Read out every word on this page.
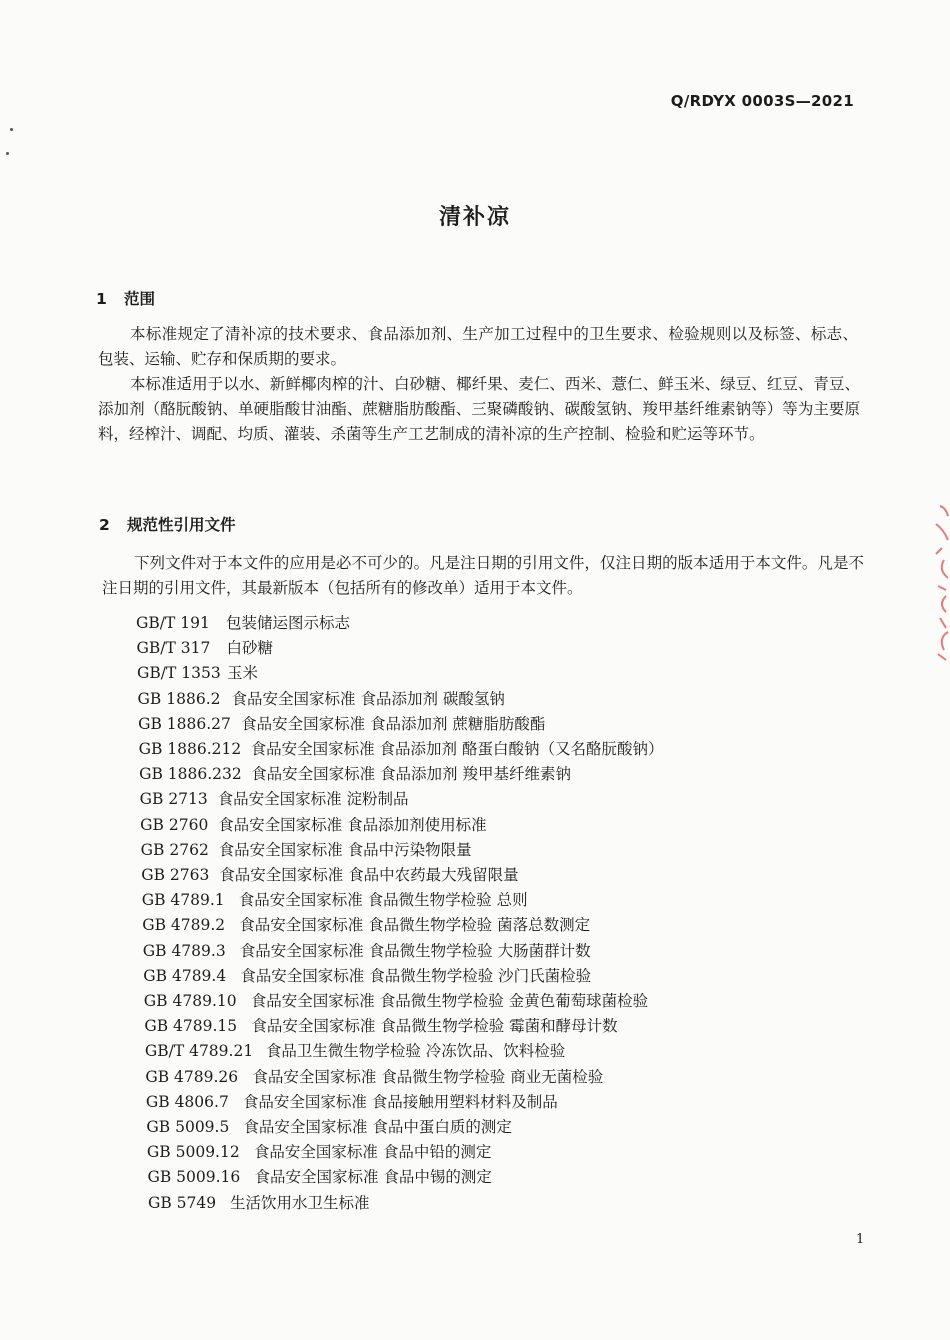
Q/RDYX 0003S—2021
清补凉
1 范围

本标准规定了清补凉的技术要求、食品添加剂、生产加工过程中的卫生要求、检验规则以及标签、标志、包装、运输、贮存和保质期的要求。

本标准适用于以水、新鲜椰肉榨的汁、白砂糖、椰纤果、麦仁、西米、薏仁、鲜玉米、绿豆、红豆、青豆、添加剂（酪朊酸钠、单硬脂酸甘油酯、蔗糖脂肪酸酯、三聚磷酸钠、碳酸氢钠、羧甲基纤维素钠等）等为主要原料，经榨汁、调配、均质、灌装、杀菌等生产工艺制成的清补凉的生产控制、检验和贮运等环节。

2 规范性引用文件

下列文件对于本文件的应用是必不可少的。凡是注日期的引用文件，仅注日期的版本适用于本文件。凡是不注日期的引用文件，其最新版本（包括所有的修改单）适用于本文件。

GB/T 191 包装储运图示标志
GB/T 317 白砂糖
GB/T 1353 玉米
GB 1886.2 食品安全国家标准 食品添加剂 碳酸氢钠
GB 1886.27 食品安全国家标准 食品添加剂 蔗糖脂肪酸酯
GB 1886.212 食品安全国家标准 食品添加剂 酪蛋白酸钠（又名酪朊酸钠）
GB 1886.232 食品安全国家标准 食品添加剂 羧甲基纤维素钠
GB 2713 食品安全国家标准 淀粉制品
GB 2760 食品安全国家标准 食品添加剂使用标准
GB 2762 食品安全国家标准 食品中污染物限量
GB 2763 食品安全国家标准 食品中农药最大残留限量
GB 4789.1 食品安全国家标准 食品微生物学检验 总则
GB 4789.2 食品安全国家标准 食品微生物学检验 菌落总数测定
GB 4789.3 食品安全国家标准 食品微生物学检验 大肠菌群计数
GB 4789.4 食品安全国家标准 食品微生物学检验 沙门氏菌检验
GB 4789.10 食品安全国家标准 食品微生物学检验 金黄色葡萄球菌检验
GB 4789.15 食品安全国家标准 食品微生物学检验 霉菌和酵母计数
GB/T 4789.21 食品卫生微生物学检验 冷冻饮品、饮料检验
GB 4789.26 食品安全国家标准 食品微生物学检验 商业无菌检验
GB 4806.7 食品安全国家标准 食品接触用塑料材料及制品
GB 5009.5 食品安全国家标准 食品中蛋白质的测定
GB 5009.12 食品安全国家标准 食品中铅的测定
GB 5009.16 食品安全国家标准 食品中锡的测定
GB 5749 生活饮用水卫生标准
1
